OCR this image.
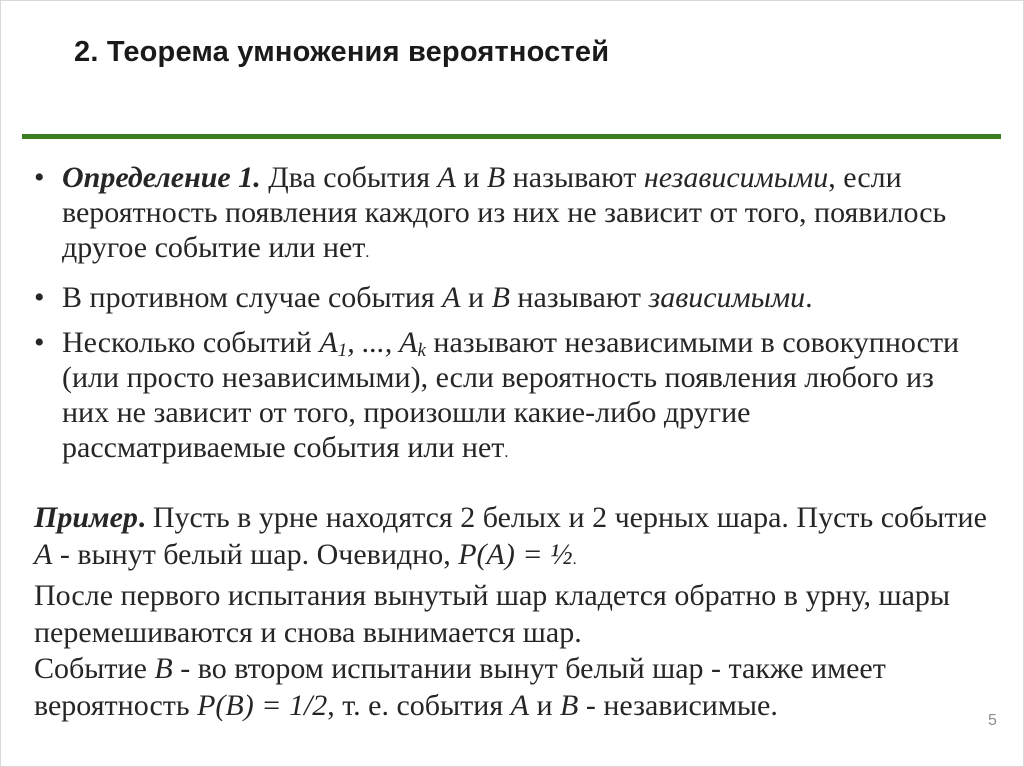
2. Теорема умножения вероятностей
• Определение 1. Два события А и В называют независимыми, если вероятность появления каждого из них не зависит от того, появилось другое событие или нет.
• В противном случае события А и В называют зависимыми.
• Несколько событий $A_1$, ..., $A_k$ называют независимыми в совокупности (или просто независимыми), если вероятность появления любого из них не зависит от того, произошли какие-либо другие рассматриваемые события или нет.

Пример. Пусть в урне находятся 2 белых и 2 черных шара. Пусть событие А - вынут белый шар. Очевидно, Р(А) = ½.

После первого испытания вынутый шар кладется обратно в урну, шары перемешиваются и снова вынимается шар.

Событие В - во втором испытании вынут белый шар - также имеет вероятность Р(В) = 1/2, т. е. события А и В - независимые.	5
